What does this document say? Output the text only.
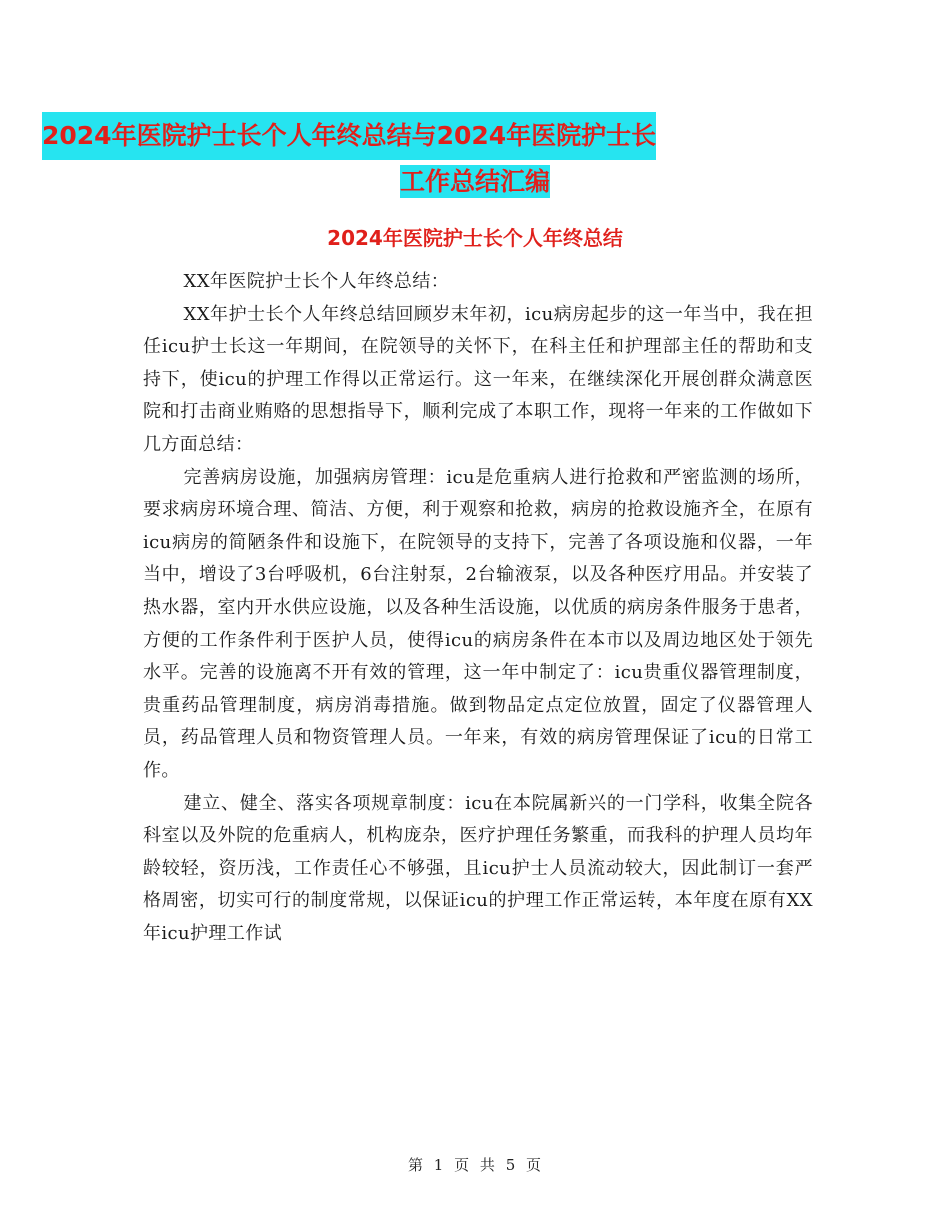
2024年医院护士长个人年终总结与2024年医院护士长
工作总结汇编
2024年医院护士长个人年终总结

XX年医院护士长个人年终总结：

XX年护士长个人年终总结回顾岁末年初，icu病房起步的这一年当中，我在担任icu护士长这一年期间，在院领导的关怀下，在科主任和护理部主任的帮助和支持下，使icu的护理工作得以正常运行。这一年来，在继续深化开展创群众满意医院和打击商业贿赂的思想指导下，顺利完成了本职工作，现将一年来的工作做如下几方面总结：

完善病房设施，加强病房管理：icu是危重病人进行抢救和严密监测的场所，要求病房环境合理、简洁、方便，利于观察和抢救，病房的抢救设施齐全，在原有icu病房的简陋条件和设施下，在院领导的支持下，完善了各项设施和仪器，一年当中，增设了3台呼吸机，6台注射泵，2台输液泵，以及各种医疗用品。并安装了热水器，室内开水供应设施，以及各种生活设施，以优质的病房条件服务于患者，方便的工作条件利于医护人员，使得icu的病房条件在本市以及周边地区处于领先水平。完善的设施离不开有效的管理，这一年中制定了：icu贵重仪器管理制度，贵重药品管理制度，病房消毒措施。做到物品定点定位放置，固定了仪器管理人员，药品管理人员和物资管理人员。一年来，有效的病房管理保证了icu的日常工作。

建立、健全、落实各项规章制度：icu在本院属新兴的一门学科，收集全院各科室以及外院的危重病人，机构庞杂，医疗护理任务繁重，而我科的护理人员均年龄较轻，资历浅，工作责任心不够强，且icu护士人员流动较大，因此制订一套严格周密，切实可行的制度常规，以保证icu的护理工作正常运转，本年度在原有XX年icu护理工作试

第 1 页 共 5 页
